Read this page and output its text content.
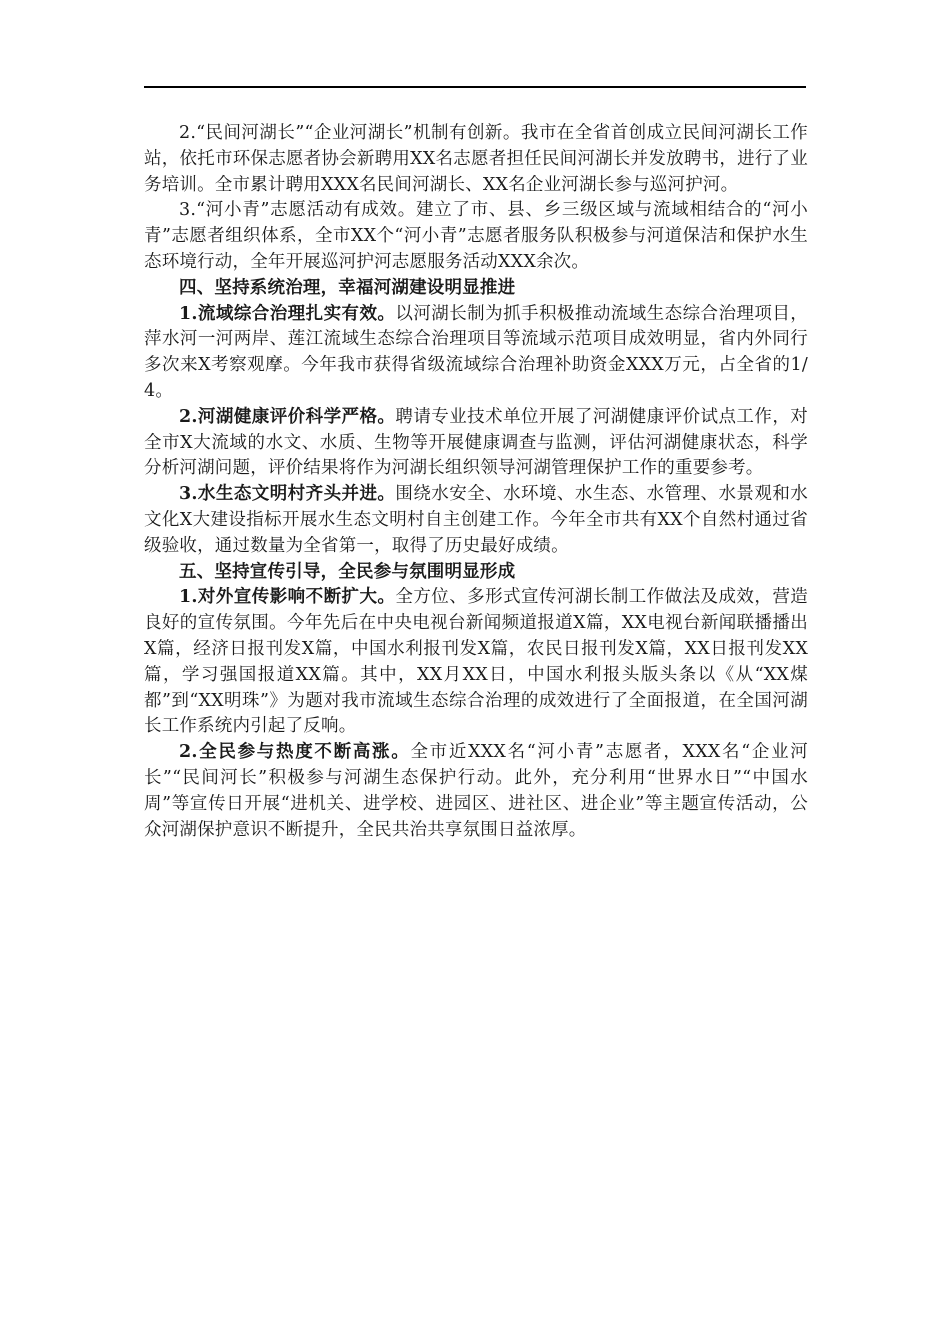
2.“民间河湖长”“企业河湖长”机制有创新。我市在全省首创成立民间河湖长工作站，依托市环保志愿者协会新聘用XX名志愿者担任民间河湖长并发放聘书，进行了业务培训。全市累计聘用XXX名民间河湖长、XX名企业河湖长参与巡河护河。

3.“河小青”志愿活动有成效。建立了市、县、乡三级区域与流域相结合的“河小青”志愿者组织体系，全市XX个“河小青”志愿者服务队积极参与河道保洁和保护水生态环境行动，全年开展巡河护河志愿服务活动XXX余次。

四、坚持系统治理，幸福河湖建设明显推进

1.流域综合治理扎实有效。以河湖长制为抓手积极推动流域生态综合治理项目，萍水河一河两岸、莲江流域生态综合治理项目等流域示范项目成效明显，省内外同行多次来X考察观摩。今年我市获得省级流域综合治理补助资金XXX万元，占全省的1/4。

2.河湖健康评价科学严格。聘请专业技术单位开展了河湖健康评价试点工作，对全市X大流域的水文、水质、生物等开展健康调查与监测，评估河湖健康状态，科学分析河湖问题，评价结果将作为河湖长组织领导河湖管理保护工作的重要参考。

3.水生态文明村齐头并进。围绕水安全、水环境、水生态、水管理、水景观和水文化X大建设指标开展水生态文明村自主创建工作。今年全市共有XX个自然村通过省级验收，通过数量为全省第一，取得了历史最好成绩。

五、坚持宣传引导，全民参与氛围明显形成

1.对外宣传影响不断扩大。全方位、多形式宣传河湖长制工作做法及成效，营造良好的宣传氛围。今年先后在中央电视台新闻频道报道X篇，XX电视台新闻联播播出X篇，经济日报刊发X篇，中国水利报刊发X篇，农民日报刊发X篇，XX日报刊发XX篇，学习强国报道XX篇。其中，XX月XX日，中国水利报头版头条以《从“XX煤都”到“XX明珠”》为题对我市流域生态综合治理的成效进行了全面报道，在全国河湖长工作系统内引起了反响。

2.全民参与热度不断高涨。全市近XXX名“河小青”志愿者，XXX名“企业河长”“民间河长”积极参与河湖生态保护行动。此外，充分利用“世界水日”“中国水周”等宣传日开展“进机关、进学校、进园区、进社区、进企业”等主题宣传活动，公众河湖保护意识不断提升，全民共治共享氛围日益浓厚。
